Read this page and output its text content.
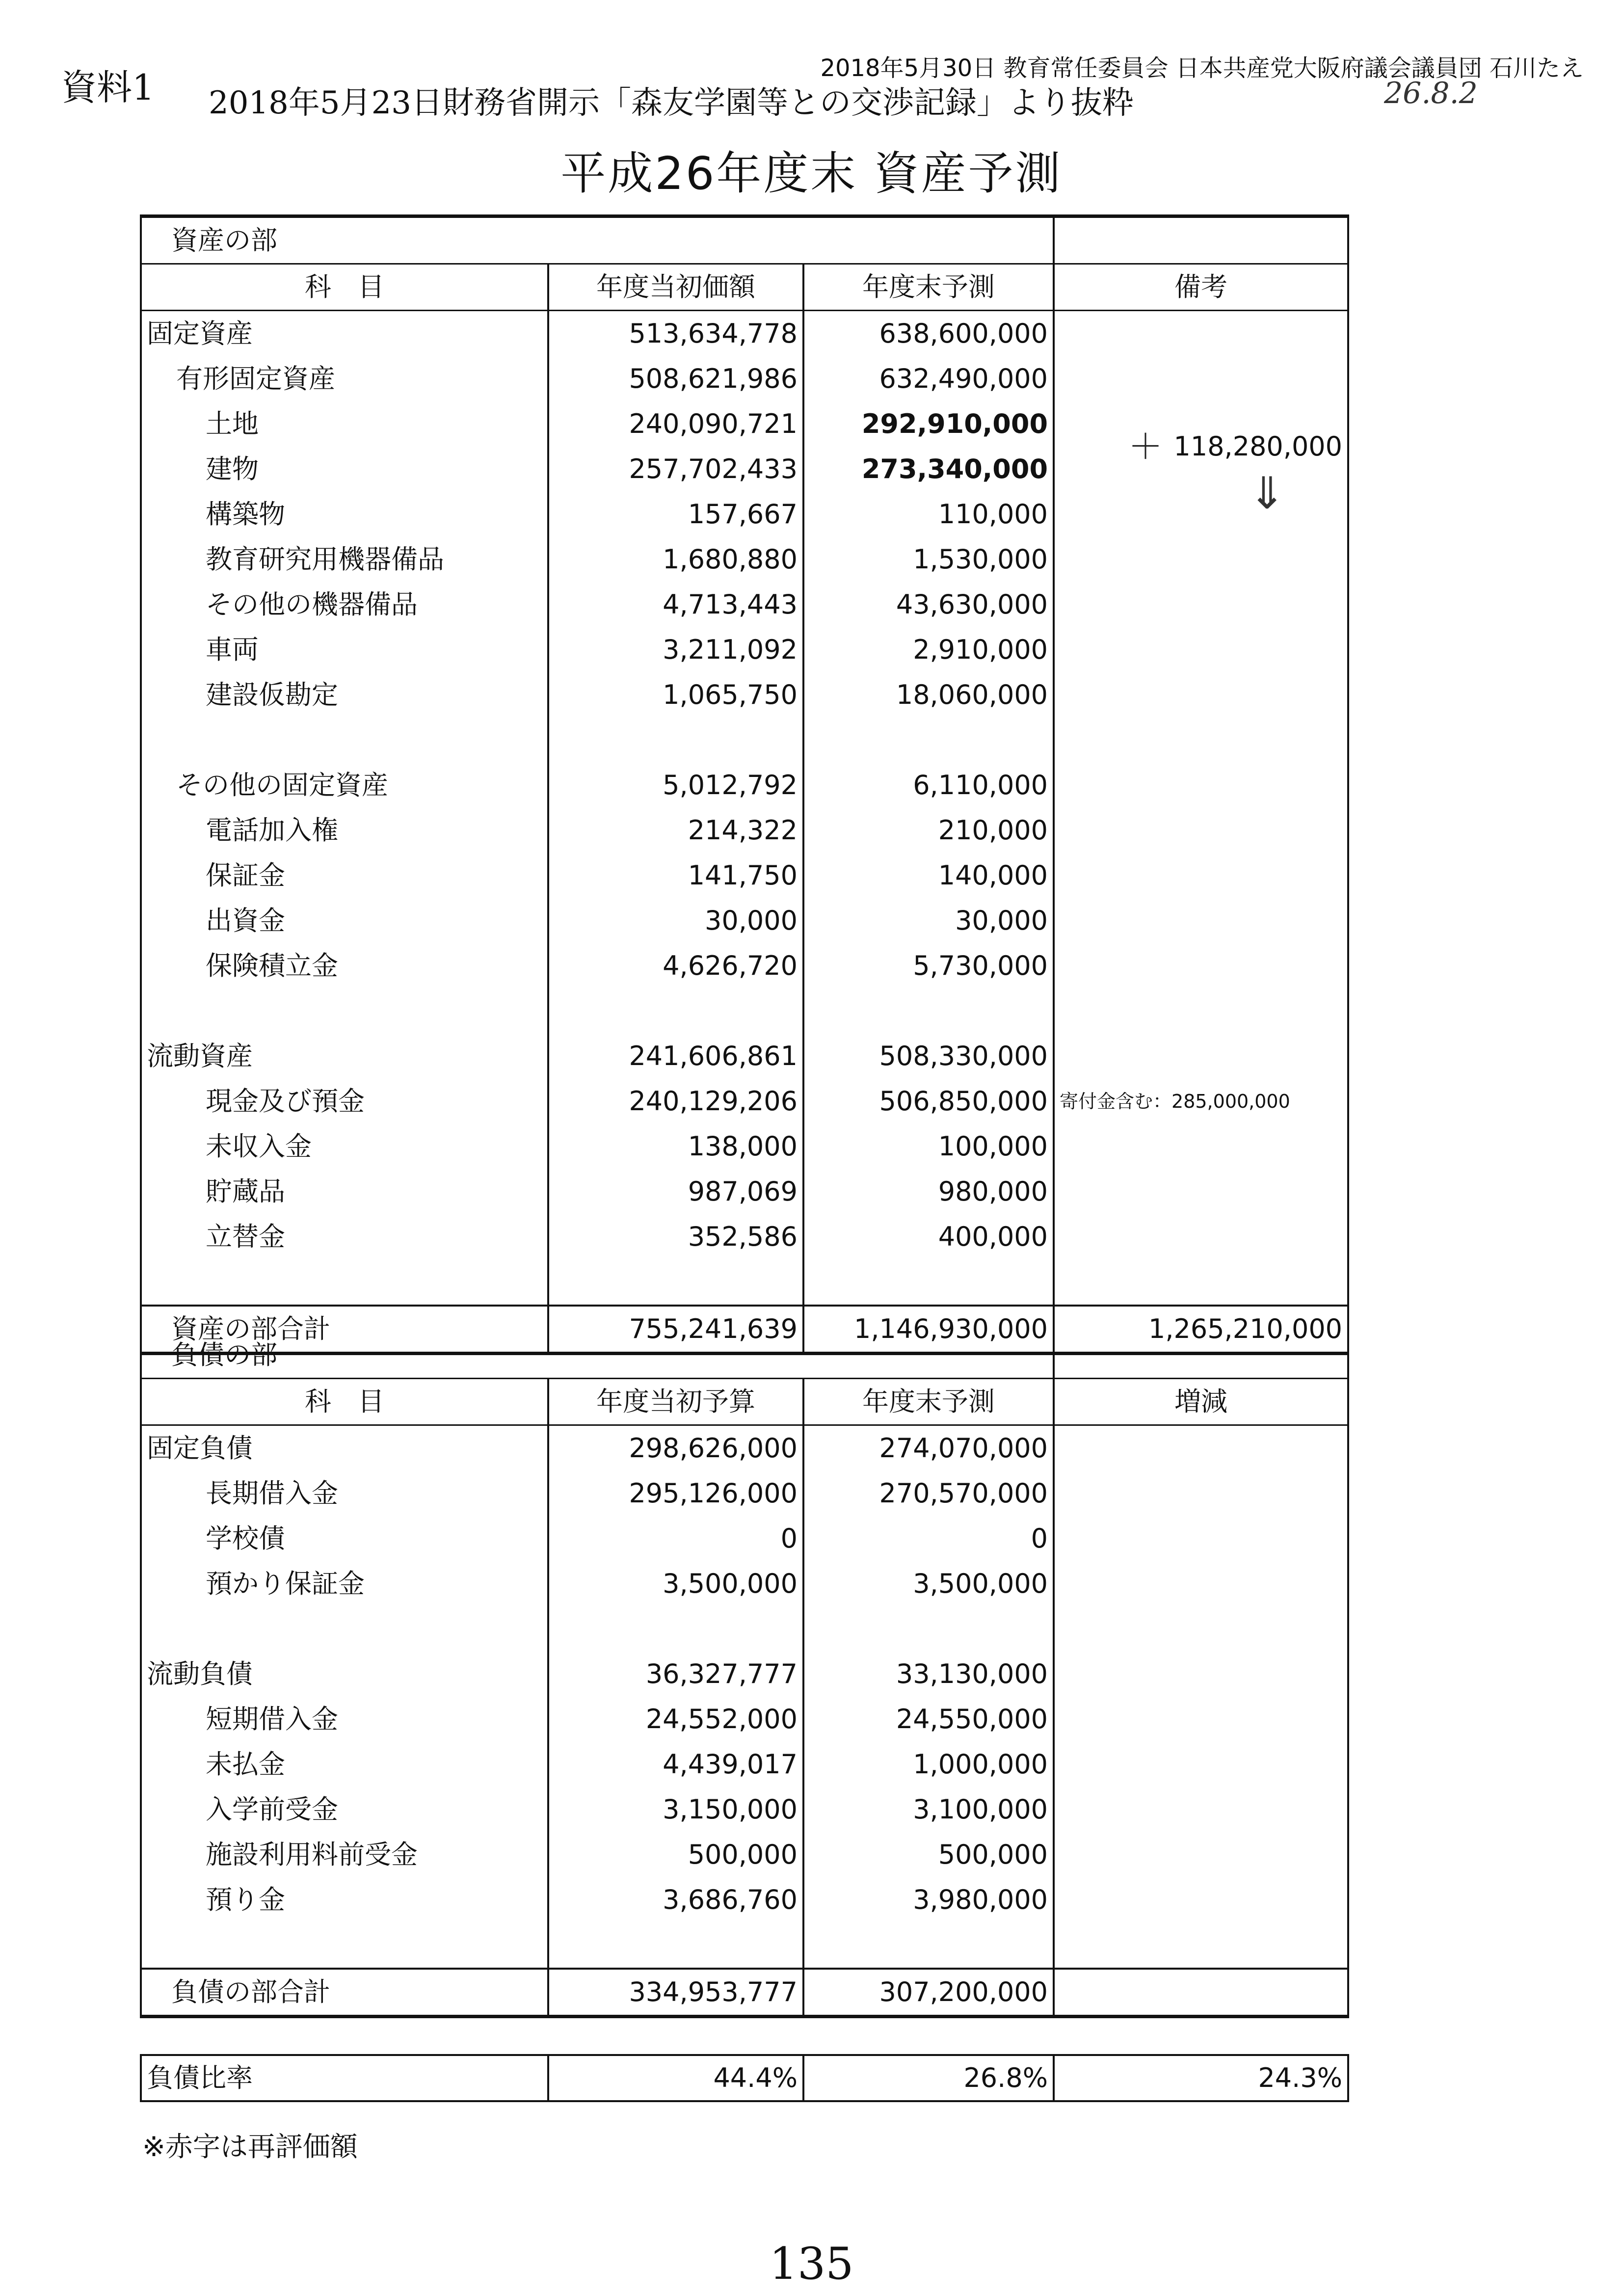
資料1	2018年5月30日 教育常任委員会 日本共産党大阪府議会議員団 石川たえ
2018年5月23日財務省開示「森友学園等との交渉記録」より抜粋	26.8.2
平成26年度末 資産予測
資産の部			
科　目	年度当初価額	年度末予測	備考
固定資産	513,634,778	638,600,000	
有形固定資産	508,621,986	632,490,000	
土地	240,090,721	292,910,000	＋ 118,280,000

建物	257,702,433	273,340,000	⇓

構築物	157,667	110,000	
教育研究用機器備品	1,680,880	1,530,000	
その他の機器備品	4,713,443	43,630,000	
車両	3,211,092	2,910,000	
建設仮勘定	1,065,750	18,060,000	

その他の固定資産	5,012,792	6,110,000	
電話加入権	214,322	210,000	
保証金	141,750	140,000	
出資金	30,000	30,000	
保険積立金	4,626,720	5,730,000	

流動資産	241,606,861	508,330,000	
現金及び預金	240,129,206	506,850,000	寄付金含む：285,000,000
未収入金	138,000	100,000	
貯蔵品	987,069	980,000	
立替金	352,586	400,000	

資産の部合計	755,241,639	1,146,930,000	1,265,210,000
負債の部			
科　目	年度当初予算	年度末予測	増減
固定負債	298,626,000	274,070,000	
長期借入金	295,126,000	270,570,000	
学校債	0	0	
預かり保証金	3,500,000	3,500,000	

流動負債	36,327,777	33,130,000	
短期借入金	24,552,000	24,550,000	
未払金	4,439,017	1,000,000	
入学前受金	3,150,000	3,100,000	
施設利用料前受金	500,000	500,000	
預り金	3,686,760	3,980,000	

負債の部合計	334,953,777	307,200,000	
負債比率	44.4%	26.8%	24.3%
※赤字は再評価額
135
